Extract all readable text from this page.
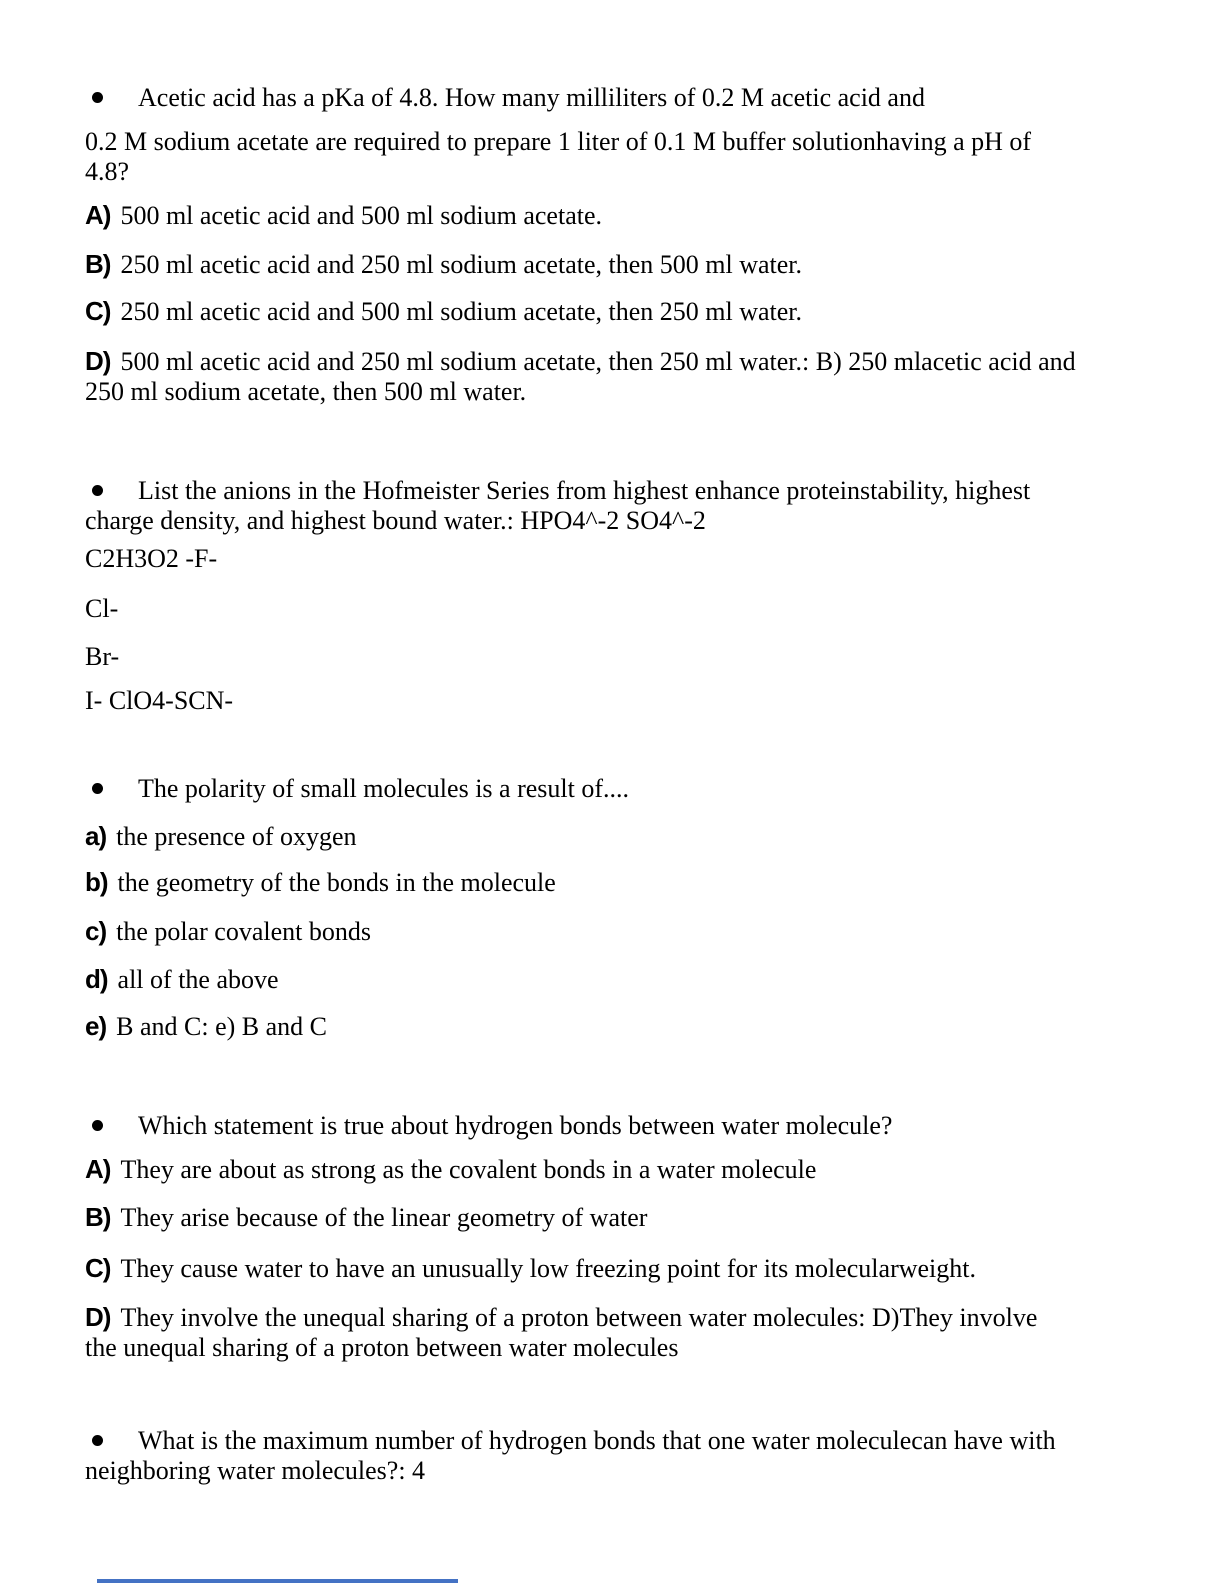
Acetic acid has a pKa of 4.8. How many milliliters of 0.2 M acetic acid and
0.2 M sodium acetate are required to prepare 1 liter of 0.1 M buffer solutionhaving a pH of
4.8?
A) 500 ml acetic acid and 500 ml sodium acetate.
B) 250 ml acetic acid and 250 ml sodium acetate, then 500 ml water.
C) 250 ml acetic acid and 500 ml sodium acetate, then 250 ml water.
D) 500 ml acetic acid and 250 ml sodium acetate, then 250 ml water.: B) 250 mlacetic acid and
250 ml sodium acetate, then 500 ml water.
List the anions in the Hofmeister Series from highest enhance proteinstability, highest
charge density, and highest bound water.: HPO4^-2 SO4^-2
C2H3O2 -F-
Cl-
Br-
I- ClO4-SCN-
The polarity of small molecules is a result of....
a) the presence of oxygen
b) the geometry of the bonds in the molecule
c) the polar covalent bonds
d) all of the above
e) B and C: e) B and C
Which statement is true about hydrogen bonds between water molecule?
A) They are about as strong as the covalent bonds in a water molecule
B) They arise because of the linear geometry of water
C) They cause water to have an unusually low freezing point for its molecularweight.
D) They involve the unequal sharing of a proton between water molecules: D)They involve
the unequal sharing of a proton between water molecules
What is the maximum number of hydrogen bonds that one water moleculecan have with
neighboring water molecules?: 4
